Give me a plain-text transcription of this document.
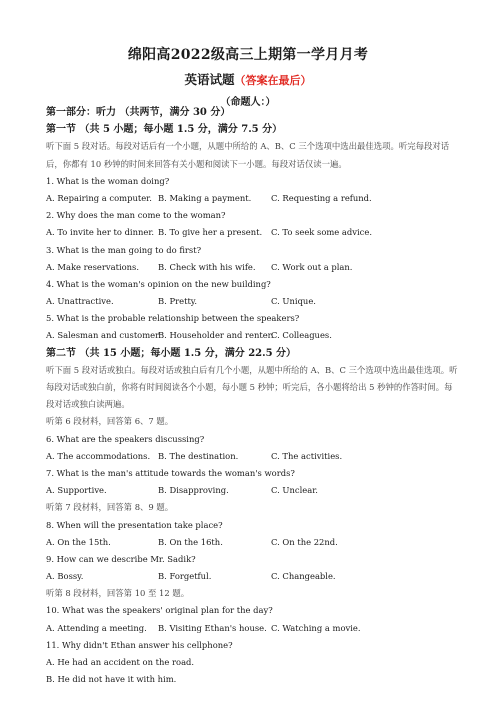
绵阳高2022级高三上期第一学月月考
英语试题（答案在最后）
（命题人：）
第一部分：听力 （共两节，满分 30 分）
第一节 （共 5 小题；每小题 1.5 分，满分 7.5 分）
听下面 5 段对话。每段对话后有一个小题，从题中所给的 A、B、C 三个选项中选出最佳选项。听完每段对话后，你都有 10 秒钟的时间来回答有关小题和阅读下一小题。每段对话仅读一遍。
1. What is the woman doing?
A. Repairing a computer. B. Making a payment.	C. Requesting a refund.
2. Why does the man come to the woman?
A. To invite her to dinner. B. To give her a present.	C. To seek some advice.
3. What is the man going to do first?
A. Make reservations.	B. Check with his wife.	C. Work out a plan.
4. What is the woman's opinion on the new building?
A. Unattractive.	B. Pretty.	C. Unique.
5. What is the probable relationship between the speakers?
A. Salesman and customer.
B. Householder and renter.
C. Colleagues.
第二节 （共 15 小题；每小题 1.5 分，满分 22.5 分）
听下面 5 段对话或独白。每段对话或独白后有几个小题，从题中所给的 A、B、C 三个选项中选出最佳选项。听每段对话或独白前，你将有时间阅读各个小题，每小题 5 秒钟；听完后，各小题将给出 5 秒钟的作答时间。每段对话或独白读两遍。
听第 6 段材料，回答第 6、7 题。
6. What are the speakers discussing?
A. The accommodations. B. The destination.	C. The activities.
7. What is the man's attitude towards the woman's words?
A. Supportive.	B. Disapproving.	C. Unclear.
听第 7 段材料，回答第 8、9 题。
8. When will the presentation take place?
A. On the 15th.	B. On the 16th.	C. On the 22nd.
9. How can we describe Mr. Sadik?
A. Bossy.	B. Forgetful.	C. Changeable.
听第 8 段材料，回答第 10 至 12 题。
10. What was the speakers' original plan for the day?
A. Attending a meeting.	B. Visiting Ethan's house. C. Watching a movie.
11. Why didn't Ethan answer his cellphone?
A. He had an accident on the road.
B. He did not have it with him.
